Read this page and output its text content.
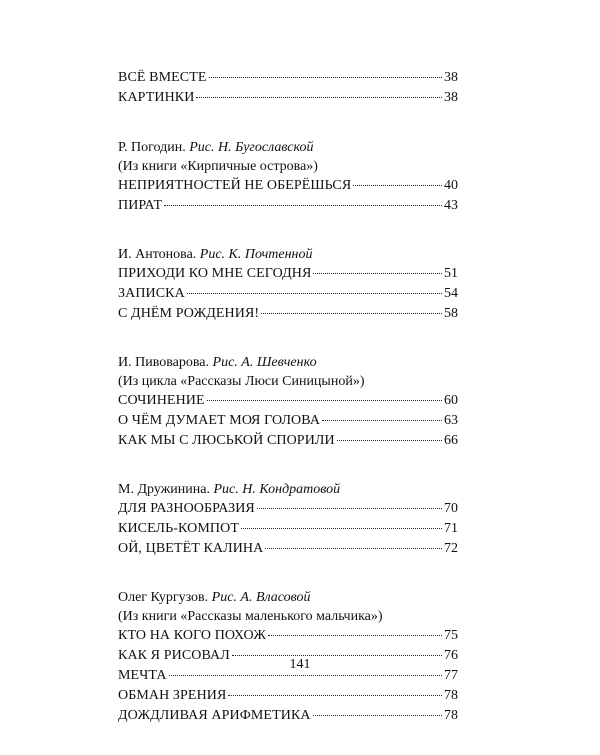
ВСЁ ВМЕСТЕ	38
КАРТИНКИ	38
Р. Погодин. Рис. Н. Бугославской
(Из книги «Кирпичные острова»)
НЕПРИЯТНОСТЕЙ НЕ ОБЕРЁШЬСЯ	40
ПИРАТ	43
И. Антонова. Рис. К. Почтенной
ПРИХОДИ КО МНЕ СЕГОДНЯ	51
ЗАПИСКА	54
С ДНЁМ РОЖДЕНИЯ!	58
И. Пивоварова. Рис. А. Шевченко
(Из цикла «Рассказы Люси Синицыной»)
СОЧИНЕНИЕ	60
О ЧЁМ ДУМАЕТ МОЯ ГОЛОВА	63
КАК МЫ С ЛЮСЬКОЙ СПОРИЛИ	66
М. Дружинина. Рис. Н. Кондратовой
ДЛЯ РАЗНООБРАЗИЯ	70
КИСЕЛЬ-КОМПОТ	71
ОЙ, ЦВЕТЁТ КАЛИНА	72
Олег Кургузов. Рис. А. Власовой
(Из книги «Рассказы маленького мальчика»)
КТО НА КОГО ПОХОЖ	75
КАК Я РИСОВАЛ	76
МЕЧТА	77
ОБМАН ЗРЕНИЯ	78
ДОЖДЛИВАЯ АРИФМЕТИКА	78
141
